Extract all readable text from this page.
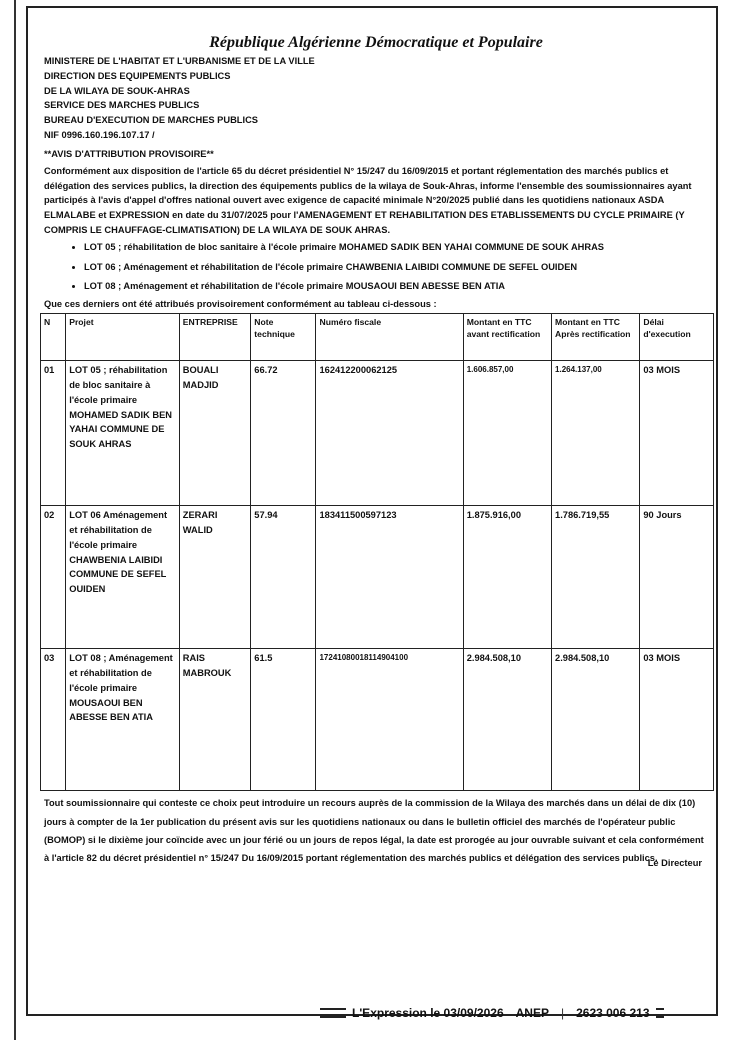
République Algérienne Démocratique et Populaire
MINISTERE DE L'HABITAT ET L'URBANISME ET DE LA VILLE
DIRECTION DES EQUIPEMENTS PUBLICS
DE LA WILAYA DE SOUK-AHRAS
SERVICE DES MARCHES PUBLICS
BUREAU D'EXECUTION DE MARCHES PUBLICS
NIF 0996.160.196.107.17 /
**AVIS D'ATTRIBUTION PROVISOIRE**
Conformément aux disposition de l'article 65 du décret présidentiel N° 15/247 du 16/09/2015 et portant réglementation des marchés publics et délégation des services publics, la direction des équipements publics de la wilaya de Souk-Ahras, informe l'ensemble des soumissionnaires ayant participés à l'avis d'appel d'offres national ouvert avec exigence de capacité minimale N°20/2025 publié dans les quotidiens nationaux ASDA ELMALABE et EXPRESSION en date du 31/07/2025 pour l'AMENAGEMENT ET REHABILITATION DES ETABLISSEMENTS DU CYCLE PRIMAIRE (Y COMPRIS LE CHAUFFAGE-CLIMATISATION) DE LA WILAYA DE SOUK AHRAS.
• LOT 05 ; réhabilitation de bloc sanitaire à l'école primaire MOHAMED SADIK BEN YAHAI COMMUNE DE SOUK AHRAS
• LOT 06 ; Aménagement et réhabilitation de l'école primaire CHAWBENIA LAIBIDI COMMUNE DE SEFEL OUIDEN
• LOT 08 ; Aménagement et réhabilitation de l'école primaire MOUSAOUI BEN ABESSE BEN ATIA
Que ces derniers ont été attribués provisoirement conformément au tableau ci-dessous :
N	Projet	ENTREPRISE	Note technique	Numéro fiscale	Montant en TTC avant rectification	Montant en TTC Après rectification	Délai d'execution
01	LOT 05 ; réhabilitation de bloc sanitaire à l'école primaire MOHAMED SADIK BEN YAHAI COMMUNE DE SOUK AHRAS	BOUALI MADJID	66.72	162412200062125	1.606.857,00	1.264.137,00	03 MOIS
02	LOT 06 Aménagement et réhabilitation de l'école primaire CHAWBENIA LAIBIDI COMMUNE DE SEFEL OUIDEN	ZERARI WALID	57.94	183411500597123	1.875.916,00	1.786.719,55	90 Jours
03	LOT 08 ; Aménagement et réhabilitation de l'école primaire MOUSAOUI BEN ABESSE BEN ATIA	RAIS MABROUK	61.5	17241080018114904100	2.984.508,10	2.984.508,10	03 MOIS
Tout soumissionnaire qui conteste ce choix peut introduire un recours auprès de la commission de la Wilaya des marchés dans un délai de dix (10) jours à compter de la 1er publication du présent avis sur les quotidiens nationaux ou dans le bulletin officiel des marchés de l'opérateur public (BOMOP) si le dixième jour coïncide avec un jour férié ou un jours de repos légal, la date est prorogée au jour ouvrable suivant et cela conformément à l'article 82 du décret présidentiel n° 15/247 Du 16/09/2015 portant réglementation des marchés publics et délégation des services publics.
Le Directeur
L'Expression le 03/09/2026	ANEP	|	2623 006 213
